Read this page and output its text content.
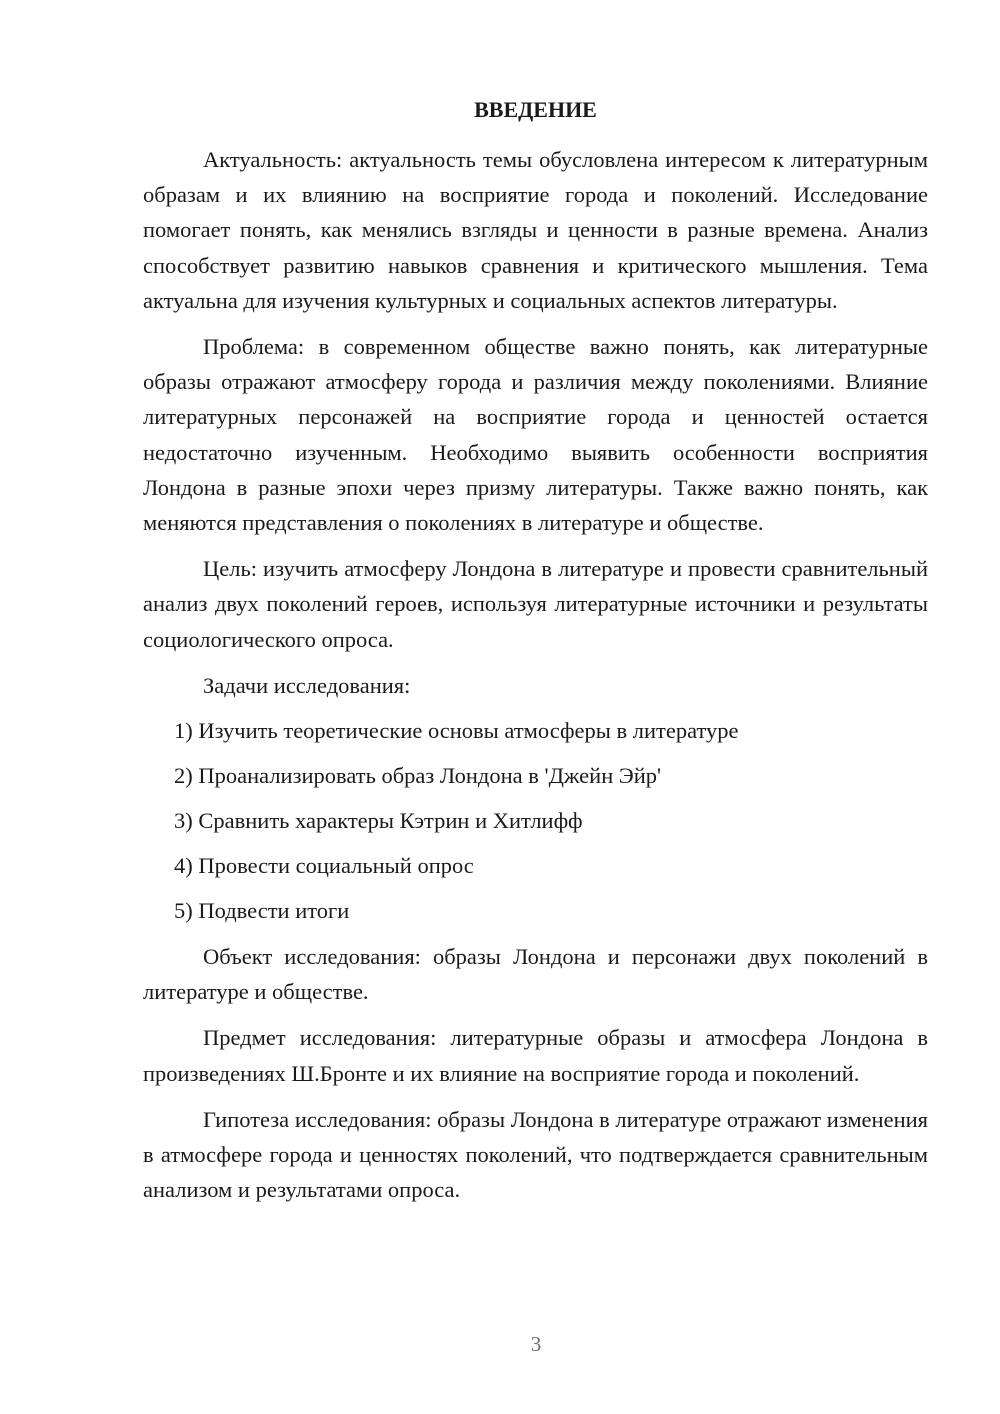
ВВЕДЕНИЕ

Актуальность: актуальность темы обусловлена интересом к литературным образам и их влиянию на восприятие города и поколений. Исследование помогает понять, как менялись взгляды и ценности в разные времена. Анализ способствует развитию навыков сравнения и критического мышления. Тема актуальна для изучения культурных и социальных аспектов литературы.

Проблема: в современном обществе важно понять, как литературные образы отражают атмосферу города и различия между поколениями. Влияние литературных персонажей на восприятие города и ценностей остается недостаточно изученным. Необходимо выявить особенности восприятия Лондона в разные эпохи через призму литературы. Также важно понять, как меняются представления о поколениях в литературе и обществе.

Цель: изучить атмосферу Лондона в литературе и провести сравнительный анализ двух поколений героев, используя литературные источники и результаты социологического опроса.

Задачи исследования:

1) Изучить теоретические основы атмосферы в литературе
2) Проанализировать образ Лондона в 'Джейн Эйр'
3) Сравнить характеры Кэтрин и Хитлифф
4) Провести социальный опрос
5) Подвести итоги

Объект исследования: образы Лондона и персонажи двух поколений в литературе и обществе.

Предмет исследования: литературные образы и атмосфера Лондона в произведениях Ш.Бронте и их влияние на восприятие города и поколений.

Гипотеза исследования: образы Лондона в литературе отражают изменения в атмосфере города и ценностях поколений, что подтверждается сравнительным анализом и результатами опроса.

3
